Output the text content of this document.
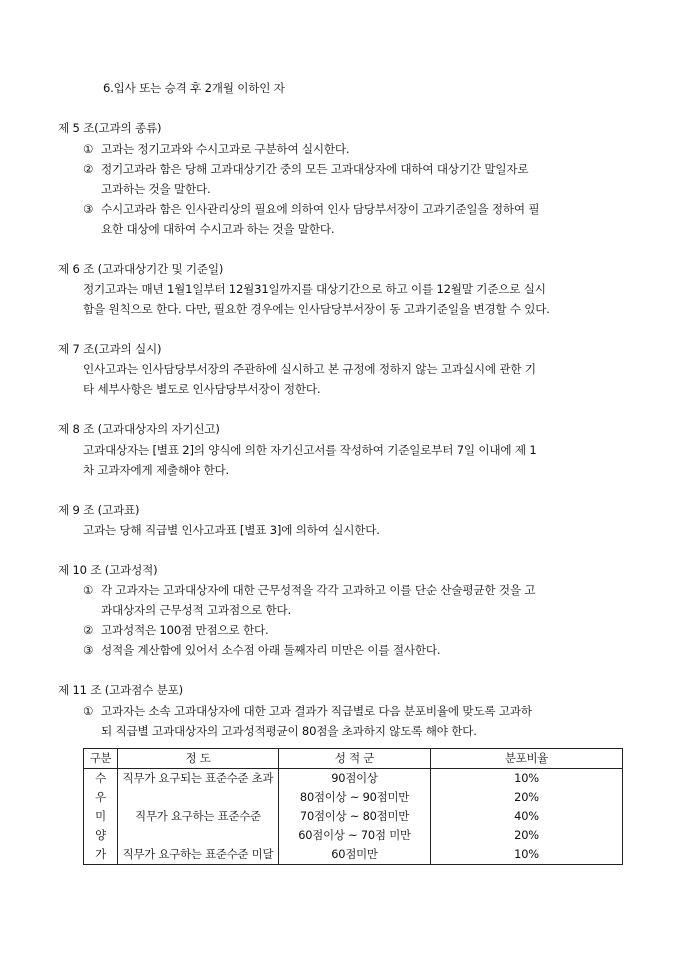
6.입사 또는 승격 후 2개월 이하인 자
제 5 조(고과의 종류)
① 고과는 정기고과와 수시고과로 구분하여 실시한다.
② 정기고과라 함은 당해 고과대상기간 중의 모든 고과대상자에 대하여 대상기간 말일자로
고과하는 것을 말한다.
③ 수시고과라 함은 인사관리상의 필요에 의하여 인사 담당부서장이 고과기준일을 정하여 필
요한 대상에 대하여 수시고과 하는 것을 말한다.
제 6 조 (고과대상기간 및 기준일)
정기고과는 매년 1월1일부터 12월31일까지를 대상기간으로 하고 이를 12월말 기준으로 실시
함을 원칙으로 한다. 다만, 필요한 경우에는 인사담당부서장이 동 고과기준일을 변경할 수 있다.
제 7 조(고과의 실시)
인사고과는 인사담당부서장의 주관하에 실시하고 본 규정에 정하지 않는 고과실시에 관한 기
타 세부사항은 별도로 인사담당부서장이 정한다.
제 8 조 (고과대상자의 자기신고)
고과대상자는 [별표 2]의 양식에 의한 자기신고서를 작성하여 기준일로부터 7일 이내에 제 1
차 고과자에게 제출해야 한다.
제 9 조 (고과표)
고과는 당해 직급별 인사고과표 [별표 3]에 의하여 실시한다.
제 10 조 (고과성적)
① 각 고과자는 고과대상자에 대한 근무성적을 각각 고과하고 이를 단순 산술평균한 것을 고
과대상자의 근무성적 고과점으로 한다.
② 고과성적은 100점 만점으로 한다.
③ 성적을 계산함에 있어서 소수점 아래 둘째자리 미만은 이를 절사한다.
제 11 조 (고과점수 분포)
① 고과자는 소속 고과대상자에 대한 고과 결과가 직급별로 다음 분포비율에 맞도록 고과하
되 직급별 고과대상자의 고과성적평균이 80점을 초과하지 않도록 해야 한다.
구분	정 도	성 적 군	분포비율
수	직무가 요구되는 표준수준 초과	90점이상	10%
우		80점이상 ~ 90점미만	20%
미	직무가 요구하는 표준수준	70점이상 ~ 80점미만	40%
양		60점이상 ~ 70점 미만	20%
가	직무가 요구하는 표준수준 미달	60점미만	10%
